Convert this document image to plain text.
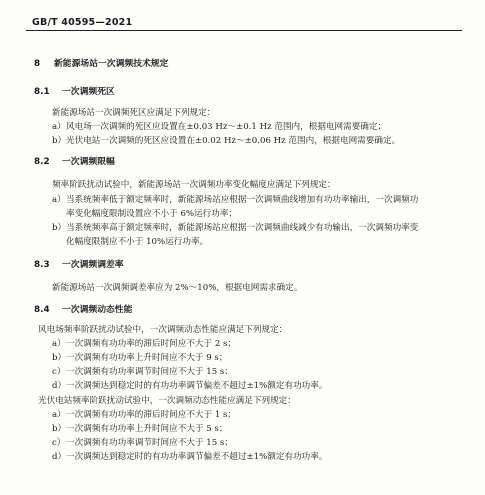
GB/T 40595—2021
8 新能源场站一次调频技术规定
8.1 一次调频死区
新能源场站一次调频死区应满足下列规定：
a）风电场一次调频的死区应设置在±0.03 Hz～±0.1 Hz 范围内，根据电网需要确定；
b）光伏电站一次调频的死区应设置在±0.02 Hz～±0.06 Hz 范围内，根据电网需要确定。
8.2 一次调频限幅
频率阶跃扰动试验中，新能源场站一次调频功率变化幅度应满足下列规定：
a）当系统频率低于额定频率时，新能源场站应根据一次调频曲线增加有功功率输出，一次调频功
率变化幅度限制设置应不小于 6%运行功率；
b）当系统频率高于额定频率时，新能源场站应根据一次调频曲线减少有功输出，一次调频功率变
化幅度限制应不小于 10%运行功率。
8.3 一次调频调差率
新能源场站一次调频调差率应为 2%～10%，根据电网需求确定。
8.4 一次调频动态性能
风电场频率阶跃扰动试验中，一次调频动态性能应满足下列规定：
a）一次调频有功功率的滞后时间应不大于 2 s；
b）一次调频有功功率上升时间应不大于 9 s；
c）一次调频有功功率调节时间应不大于 15 s；
d）一次调频达到稳定时的有功功率调节偏差不超过±1%额定有功功率。
光伏电站频率阶跃扰动试验中，一次调频动态性能应满足下列规定：
a）一次调频有功功率的滞后时间应不大于 1 s；
b）一次调频有功功率上升时间应不大于 5 s；
c）一次调频有功功率调节时间应不大于 15 s；
d）一次调频达到稳定时的有功功率调节偏差不超过±1%额定有功功率。
